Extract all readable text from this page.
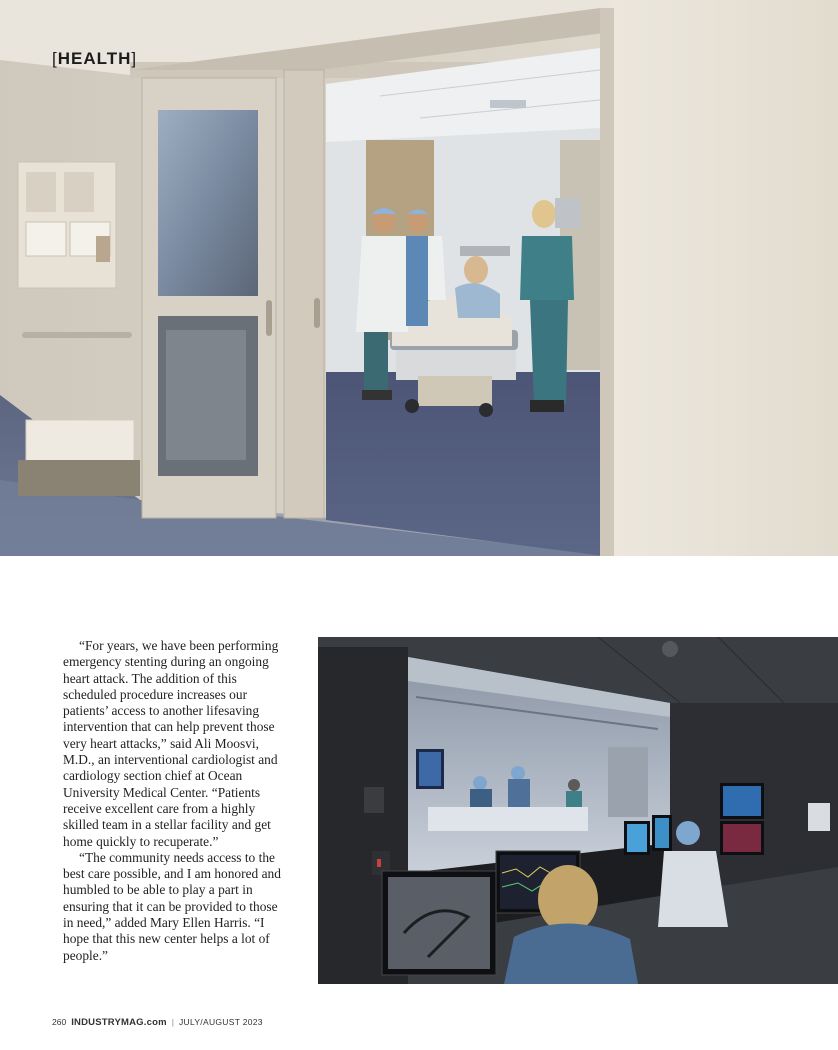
[HEALTH]

“For years, we have been performing emergency stenting during an ongoing heart attack. The addition of this scheduled procedure increases our patients’ access to another lifesaving intervention that can help prevent those very heart attacks,” said Ali Moosvi, M.D., an interventional cardiologist and cardiology section chief at Ocean University Medical Center. “Patients receive excellent care from a highly skilled team in a stellar facility and get home quickly to recuperate.”

“The community needs access to the best care possible, and I am honored and humbled to be able to play a part in ensuring that it can be provided to those in need,” added Mary Ellen Harris. “I hope that this new center helps a lot of people.”

260 INDUSTRYMAG.com | JULY/AUGUST 2023
